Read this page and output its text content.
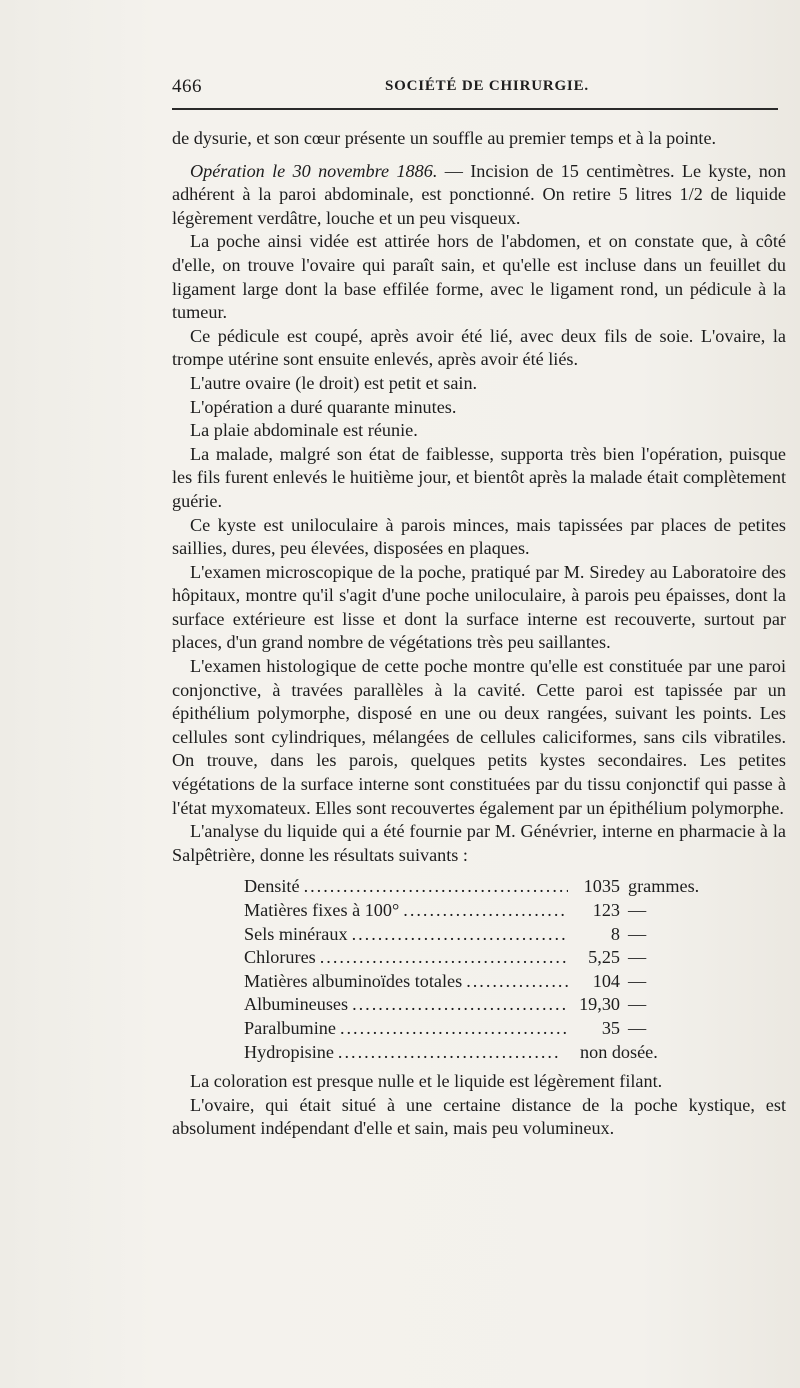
466	SOCIÉTÉ DE CHIRURGIE.

de dysurie, et son cœur présente un souffle au premier temps et à la pointe.

Opération le 30 novembre 1886. — Incision de 15 centimètres. Le kyste, non adhérent à la paroi abdominale, est ponctionné. On retire 5 litres 1/2 de liquide légèrement verdâtre, louche et un peu visqueux.

La poche ainsi vidée est attirée hors de l'abdomen, et on constate que, à côté d'elle, on trouve l'ovaire qui paraît sain, et qu'elle est incluse dans un feuillet du ligament large dont la base effilée forme, avec le ligament rond, un pédicule à la tumeur.

Ce pédicule est coupé, après avoir été lié, avec deux fils de soie. L'ovaire, la trompe utérine sont ensuite enlevés, après avoir été liés.

L'autre ovaire (le droit) est petit et sain.

L'opération a duré quarante minutes.

La plaie abdominale est réunie.

La malade, malgré son état de faiblesse, supporta très bien l'opération, puisque les fils furent enlevés le huitième jour, et bientôt après la malade était complètement guérie.

Ce kyste est uniloculaire à parois minces, mais tapissées par places de petites saillies, dures, peu élevées, disposées en plaques.

L'examen microscopique de la poche, pratiqué par M. Siredey au Laboratoire des hôpitaux, montre qu'il s'agit d'une poche uniloculaire, à parois peu épaisses, dont la surface extérieure est lisse et dont la surface interne est recouverte, surtout par places, d'un grand nombre de végétations très peu saillantes.

L'examen histologique de cette poche montre qu'elle est constituée par une paroi conjonctive, à travées parallèles à la cavité. Cette paroi est tapissée par un épithélium polymorphe, disposé en une ou deux rangées, suivant les points. Les cellules sont cylindriques, mélangées de cellules caliciformes, sans cils vibratiles. On trouve, dans les parois, quelques petits kystes secondaires. Les petites végétations de la surface interne sont constituées par du tissu conjonctif qui passe à l'état myxomateux. Elles sont recouvertes également par un épithélium polymorphe.

L'analyse du liquide qui a été fournie par M. Génévrier, interne en pharmacie à la Salpêtrière, donne les résultats suivants :

Densité .....	1035 grammes.
Matières fixes à 100° .....	123 —
Sels minéraux .....	8 —
Chlorures .....	5,25 —
Matières albuminoïdes totales .....	104 —
Albumineuses .....	19,30 —
Paralbumine .....	35 —
Hydropisine .....	non dosée.

La coloration est presque nulle et le liquide est légèrement filant.

L'ovaire, qui était situé à une certaine distance de la poche kystique, est absolument indépendant d'elle et sain, mais peu volumineux.
